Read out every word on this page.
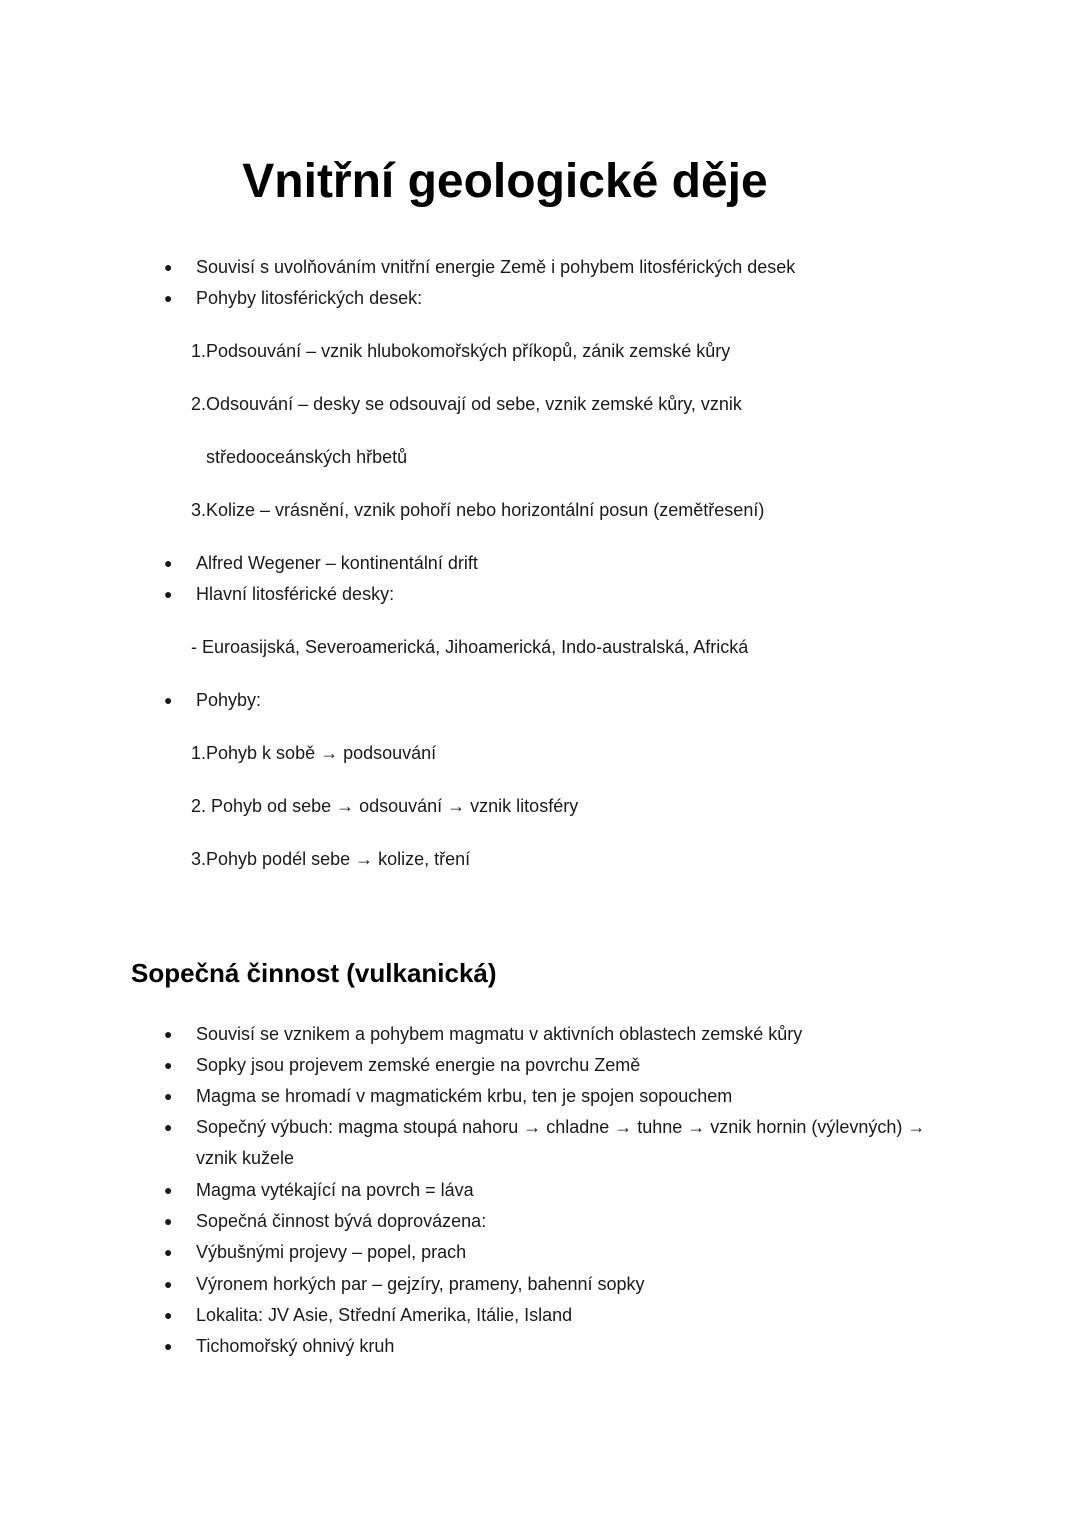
Vnitřní geologické děje
● Souvisí s uvolňováním vnitřní energie Země i pohybem litosférických desek
● Pohyby litosférických desek:
1.Podsouvání – vznik hlubokomořských příkopů, zánik zemské kůry
2.Odsouvání – desky se odsouvají od sebe, vznik zemské kůry, vznik
středooceánských hřbetů
3.Kolize – vrásnění, vznik pohoří nebo horizontální posun (zemětřesení)
● Alfred Wegener – kontinentální drift
● Hlavní litosférické desky:
- Euroasijská, Severoamerická, Jihoamerická, Indo-australská, Africká
● Pohyby:
1.Pohyb k sobě → podsouvání
2. Pohyb od sebe → odsouvání → vznik litosféry
3.Pohyb podél sebe → kolize, tření
Sopečná činnost (vulkanická)
● Souvisí se vznikem a pohybem magmatu v aktivních oblastech zemské kůry
● Sopky jsou projevem zemské energie na povrchu Země
● Magma se hromadí v magmatickém krbu, ten je spojen sopouchem
● Sopečný výbuch: magma stoupá nahoru → chladne → tuhne → vznik hornin (výlevných) →
vznik kužele
● Magma vytékající na povrch = láva
● Sopečná činnost bývá doprovázena:
● Výbušnými projevy – popel, prach
● Výronem horkých par – gejzíry, prameny, bahenní sopky
● Lokalita: JV Asie, Střední Amerika, Itálie, Island
● Tichomořský ohnivý kruh
